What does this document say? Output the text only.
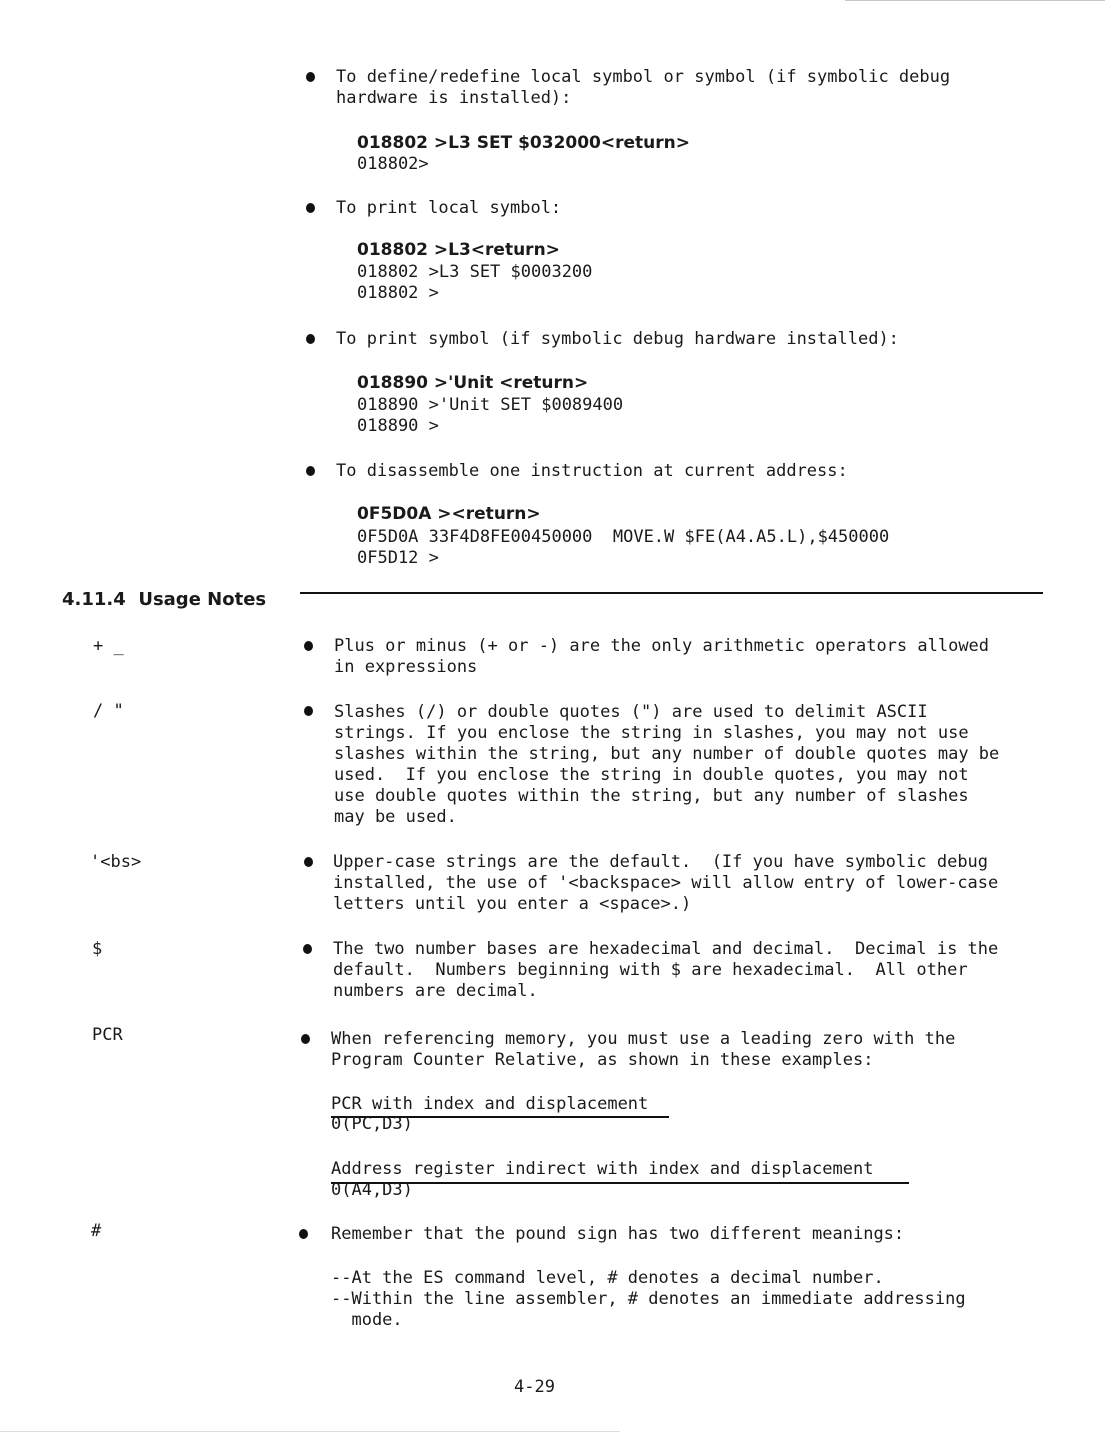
To define/redefine local symbol or symbol (if symbolic debug
hardware is installed):
018802 >L3 SET $032000<return>
018802>
To print local symbol:
018802 >L3<return>
018802 >L3 SET $0003200
018802 >
To print symbol (if symbolic debug hardware installed):
018890 >'Unit <return>
018890 >'Unit SET $0089400
018890 >
To disassemble one instruction at current address:
0F5D0A ><return>
0F5D0A 33F4D8FE00450000  MOVE.W $FE(A4.A5.L),$450000
0F5D12 >
4.11.4 Usage Notes
+ _	Plus or minus (+ or -) are the only arithmetic operators allowed
in expressions
/ "	Slashes (/) or double quotes (") are used to delimit ASCII
strings. If you enclose the string in slashes, you may not use
slashes within the string, but any number of double quotes may be
used.  If you enclose the string in double quotes, you may not
use double quotes within the string, but any number of slashes
may be used.
'<bs>	Upper-case strings are the default.  (If you have symbolic debug
installed, the use of '<backspace> will allow entry of lower-case
letters until you enter a <space>.)
$	The two number bases are hexadecimal and decimal.  Decimal is the
default.  Numbers beginning with $ are hexadecimal.  All other
numbers are decimal.
PCR	When referencing memory, you must use a leading zero with the
Program Counter Relative, as shown in these examples:
PCR with index and displacement
0(PC,D3)
Address register indirect with index and displacement
0(A4,D3)
#	Remember that the pound sign has two different meanings:
--At the ES command level, # denotes a decimal number.
--Within the line assembler, # denotes an immediate addressing
mode.
4-29
